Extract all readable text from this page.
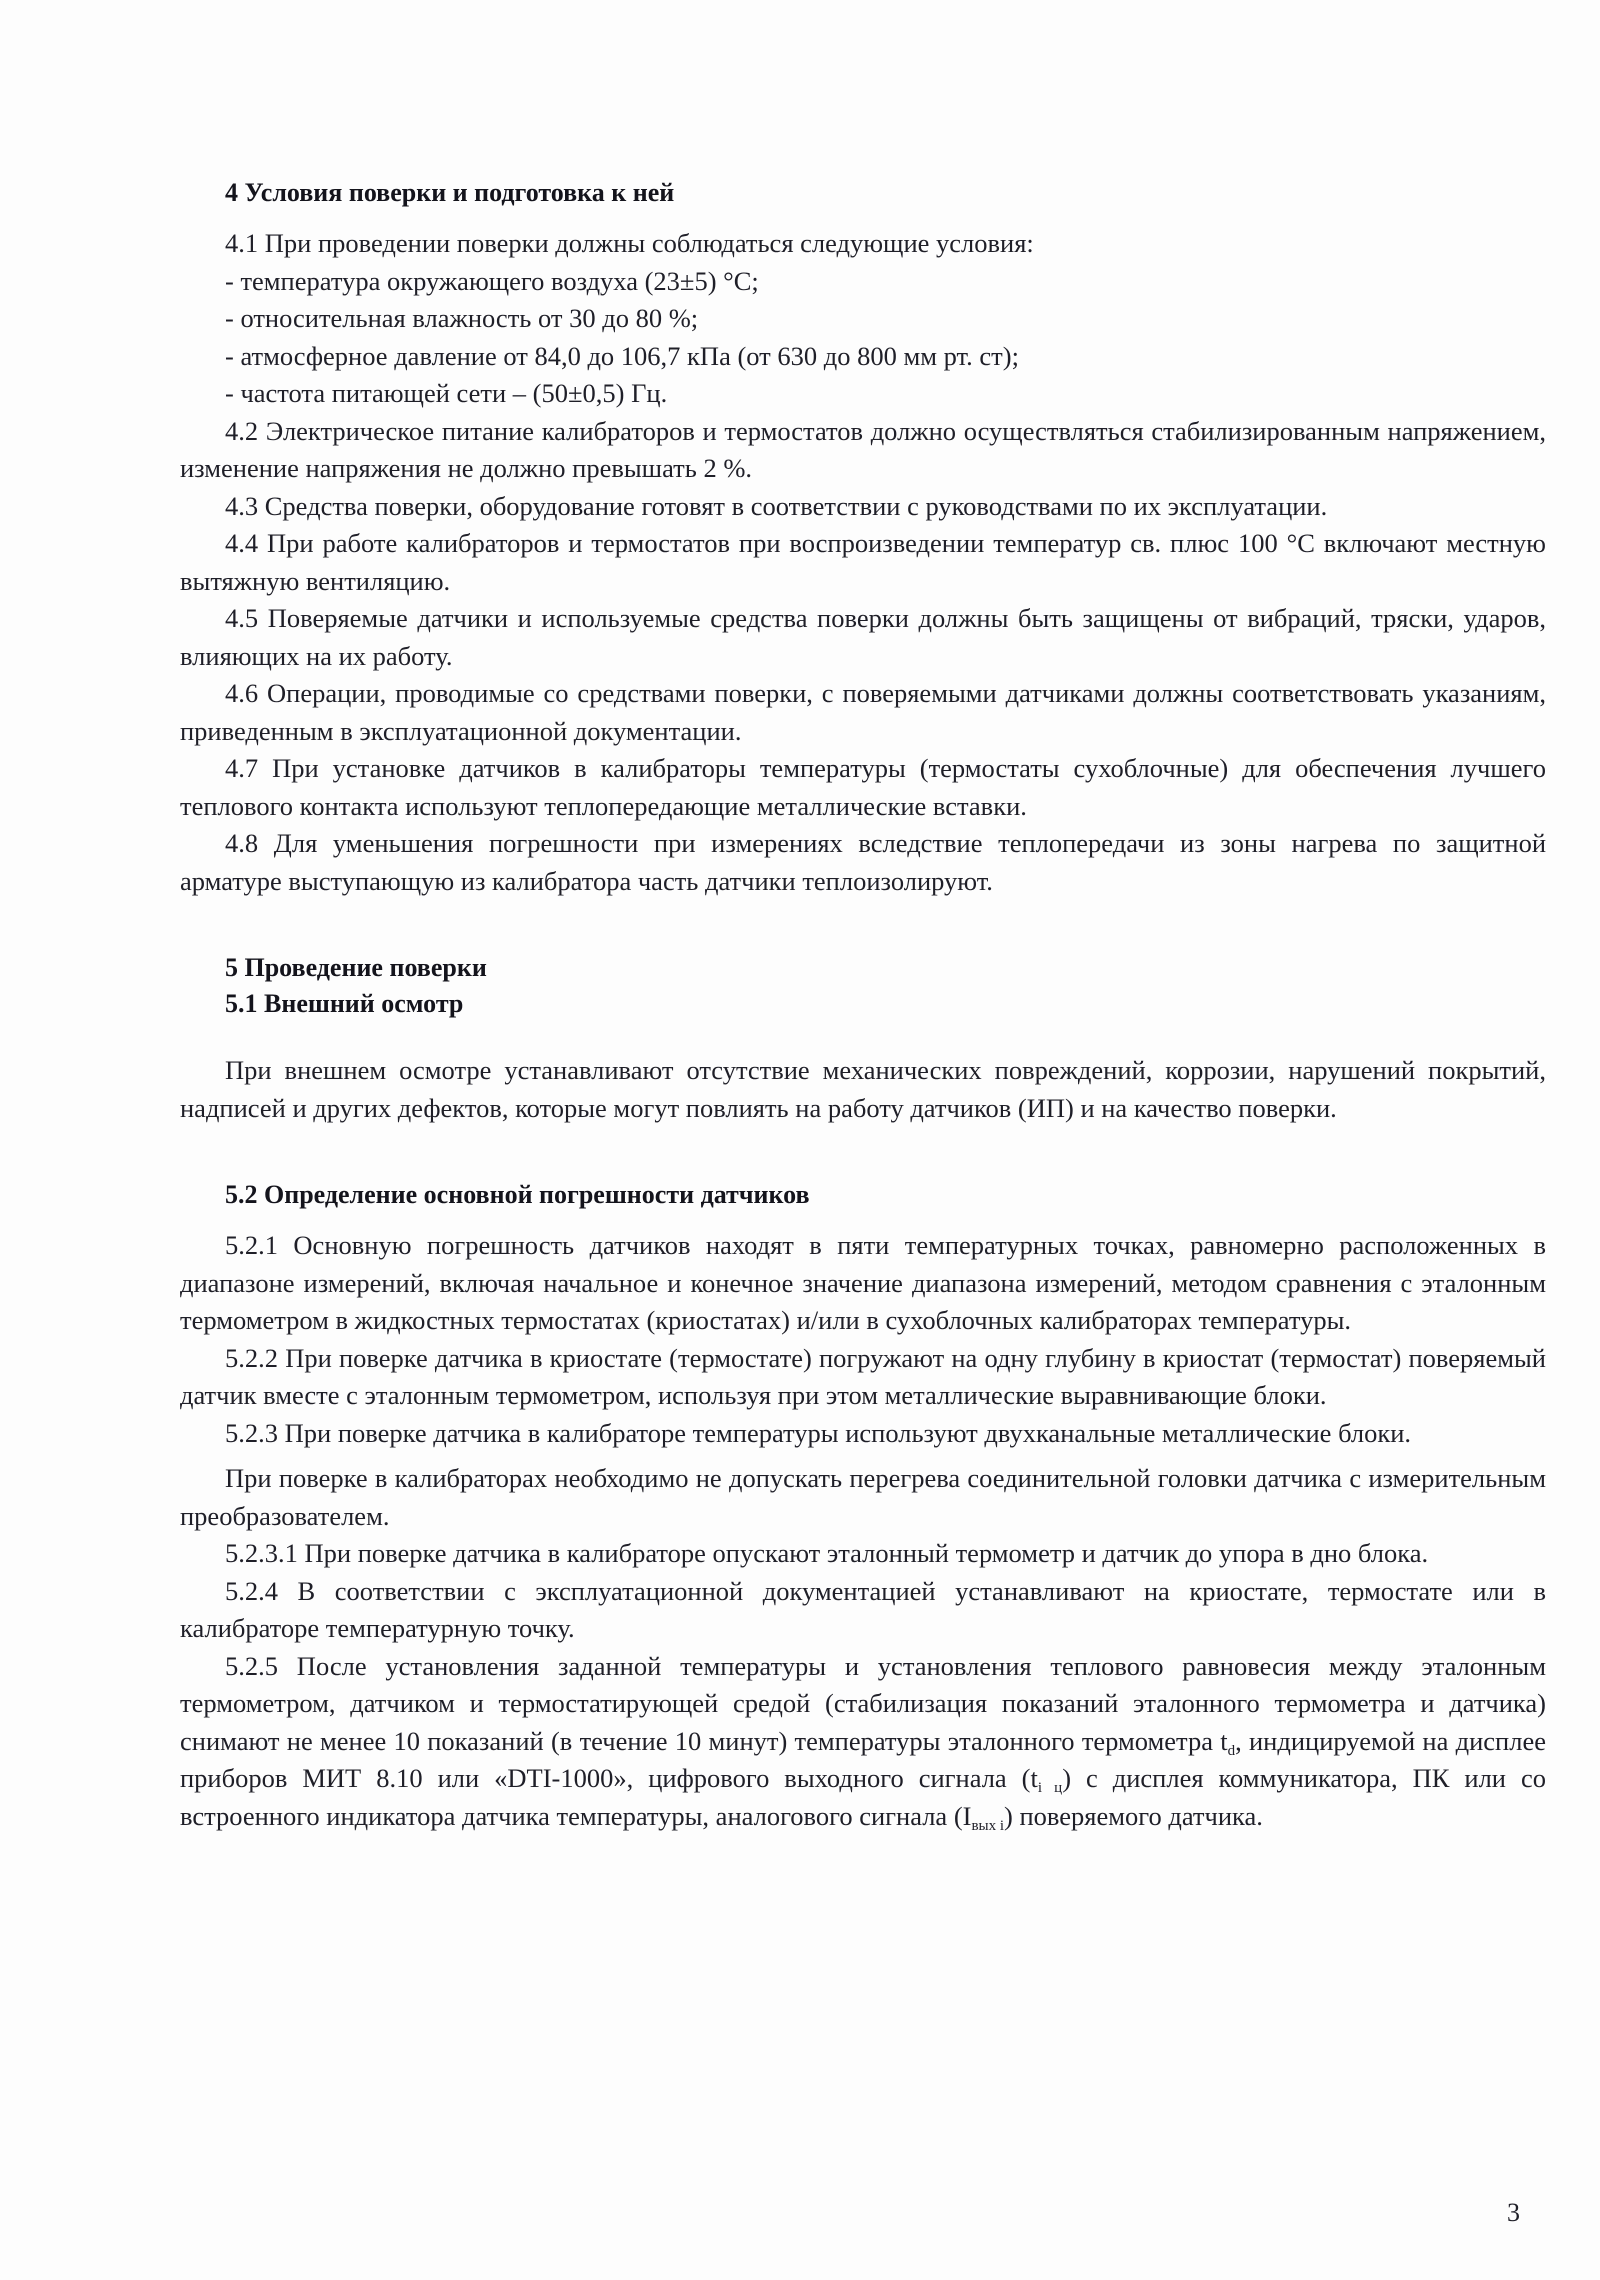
4 Условия поверки и подготовка к ней

4.1 При проведении поверки должны соблюдаться следующие условия:

- температура окружающего воздуха (23±5) °С;

- относительная влажность от 30 до 80 %;

- атмосферное давление от 84,0 до 106,7 кПа (от 630 до 800 мм рт. ст);

- частота питающей сети – (50±0,5) Гц.

4.2 Электрическое питание калибраторов и термостатов должно осуществляться стабилизированным напряжением, изменение напряжения не должно превышать 2 %.

4.3 Средства поверки, оборудование готовят в соответствии с руководствами по их эксплуатации.

4.4 При работе калибраторов и термостатов при воспроизведении температур св. плюс 100 °С включают местную вытяжную вентиляцию.

4.5 Поверяемые датчики и используемые средства поверки должны быть защищены от вибраций, тряски, ударов, влияющих на их работу.

4.6 Операции, проводимые со средствами поверки, с поверяемыми датчиками должны соответствовать указаниям, приведенным в эксплуатационной документации.

4.7 При установке датчиков в калибраторы температуры (термостаты сухоблочные) для обеспечения лучшего теплового контакта используют теплопередающие металлические вставки.

4.8 Для уменьшения погрешности при измерениях вследствие теплопередачи из зоны нагрева по защитной арматуре выступающую из калибратора часть датчики теплоизолируют.

5 Проведение поверки
5.1 Внешний осмотр

При внешнем осмотре устанавливают отсутствие механических повреждений, коррозии, нарушений покрытий, надписей и других дефектов, которые могут повлиять на работу датчиков (ИП) и на качество поверки.

5.2 Определение основной погрешности датчиков

5.2.1 Основную погрешность датчиков находят в пяти температурных точках, равномерно расположенных в диапазоне измерений, включая начальное и конечное значение диапазона измерений, методом сравнения с эталонным термометром в жидкостных термостатах (криостатах) и/или в сухоблочных калибраторах температуры.

5.2.2 При поверке датчика в криостате (термостате) погружают на одну глубину в криостат (термостат) поверяемый датчик вместе с эталонным термометром, используя при этом металлические выравнивающие блоки.

5.2.3 При поверке датчика в калибраторе температуры используют двухканальные металлические блоки.

При поверке в калибраторах необходимо не допускать перегрева соединительной головки датчика с измерительным преобразователем.

5.2.3.1 При поверке датчика в калибраторе опускают эталонный термометр и датчик до упора в дно блока.

5.2.4 В соответствии с эксплуатационной документацией устанавливают на криостате, термостате или в калибраторе температурную точку.

5.2.5 После установления заданной температуры и установления теплового равновесия между эталонным термометром, датчиком и термостатирующей средой (стабилизация показаний эталонного термометра и датчика) снимают не менее 10 показаний (в течение 10 минут) температуры эталонного термометра $t_d$, индицируемой на дисплее приборов МИТ 8.10 или «DTI-1000», цифрового выходного сигнала $(t_{i ц})$ с дисплея коммуникатора, ПК или со встроенного индикатора датчика температуры, аналогового сигнала $(I_{вых i})$ поверяемого датчика.

3
